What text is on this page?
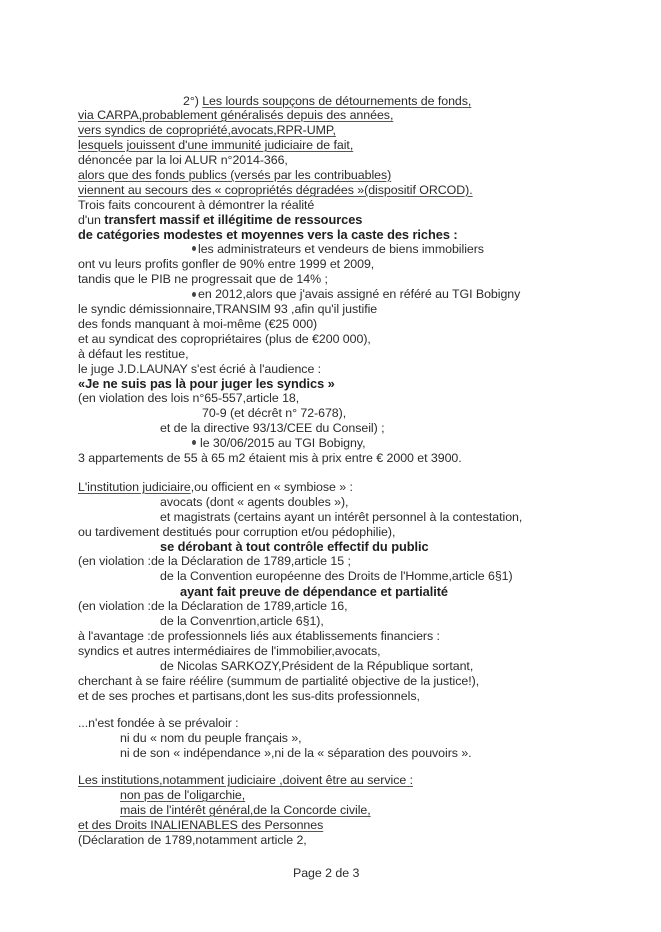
2°) Les lourds soupçons de détournements de fonds,
via CARPA,probablement généralisés depuis des années,
vers syndics de copropriété,avocats,RPR-UMP,
lesquels jouissent d'une immunité judiciaire de fait,
dénoncée par la loi ALUR n°2014-366,
alors que des fonds publics (versés par les contribuables)
viennent au secours des « copropriétés dégradées »(dispositif ORCOD).
Trois faits concourent à démontrer la réalité
d'un transfert massif et illégitime de ressources
de catégories modestes et moyennes vers la caste des riches :
les administrateurs et vendeurs de biens immobiliers
ont vu leurs profits gonfler de 90% entre 1999 et 2009,
tandis que le PIB ne progressait que de 14% ;
en 2012,alors que j'avais assigné en référé au TGI Bobigny
le syndic démissionnaire,TRANSIM 93 ,afin qu'il justifie
des fonds manquant à moi-même (€25 000)
et au syndicat des copropriétaires (plus de €200 000),
à défaut les restitue,
le juge J.D.LAUNAY s'est écrié à l'audience :
«Je ne suis pas là pour juger les syndics »
(en violation des lois n°65-557,article 18,
70-9 (et décrêt n° 72-678),
et de la directive 93/13/CEE du Conseil) ;
le 30/06/2015 au TGI Bobigny,
3 appartements de 55 à 65 m2 étaient mis à prix entre € 2000 et 3900.
L'institution judiciaire,ou officient en « symbiose » :
avocats (dont « agents doubles »),
et magistrats (certains ayant un intérêt personnel à la contestation,
ou tardivement destitués pour corruption et/ou pédophilie),
se dérobant à tout contrôle effectif du public
(en violation :de la Déclaration de 1789,article 15 ;
de la Convention européenne des Droits de l'Homme,article 6§1)
ayant fait preuve de dépendance et partialité
(en violation :de la Déclaration de 1789,article 16,
de la Convenrtion,article 6§1),
à l'avantage :de professionnels liés aux établissements financiers :
syndics et autres intermédiaires de l'immobilier,avocats,
de Nicolas SARKOZY,Président de la République sortant,
cherchant à se faire réélire (summum de partialité objective de la justice!),
et de ses proches et partisans,dont les sus-dits professionnels,
...n'est fondée à se prévaloir :
ni du « nom du peuple français »,
ni de son « indépendance »,ni de la « séparation des pouvoirs ».
Les institutions,notamment judiciaire ,doivent être au service :
non pas de l'oligarchie,
mais de l'intérêt général,de la Concorde civile,
et des Droits INALIENABLES des Personnes
(Déclaration de 1789,notamment article 2,
Page 2 de 3
